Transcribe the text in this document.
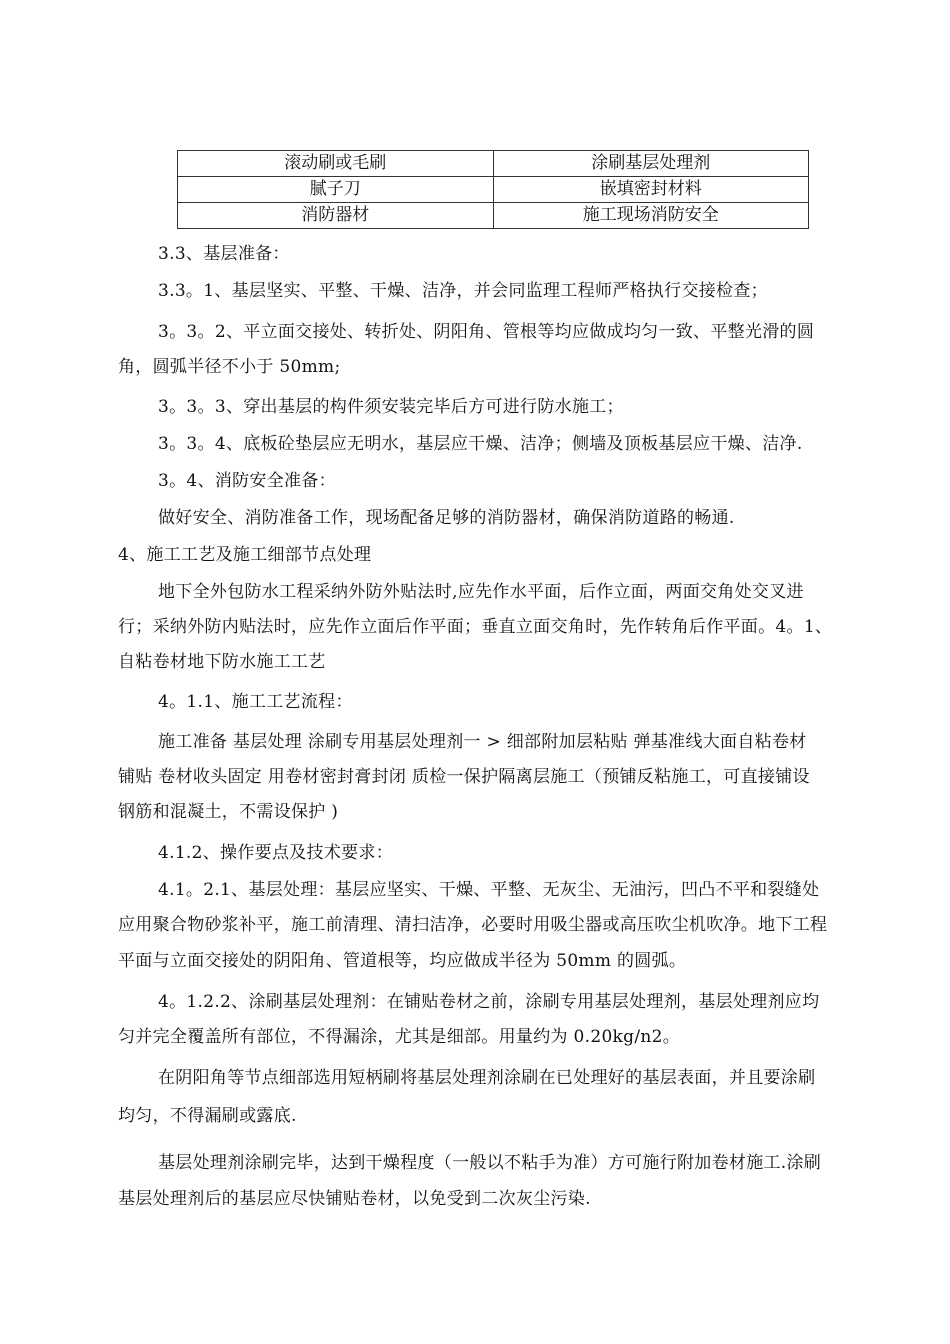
滚动刷或毛刷	涂刷基层处理剂
腻子刀	嵌填密封材料
消防器材	施工现场消防安全
3.3、基层准备：
3.3。1、基层坚实、平整、干燥、洁净，并会同监理工程师严格执行交接检查；
3。3。2、平立面交接处、转折处、阴阳角、管根等均应做成均匀一致、平整光滑的圆
角，圆弧半径不小于 50mm;
3。3。3、穿出基层的构件须安装完毕后方可进行防水施工；
3。3。4、底板砼垫层应无明水，基层应干燥、洁净；侧墙及顶板基层应干燥、洁净.
3。4、消防安全准备：
做好安全、消防准备工作，现场配备足够的消防器材，确保消防道路的畅通.
4、施工工艺及施工细部节点处理
地下全外包防水工程采纳外防外贴法时,应先作水平面，后作立面，两面交角处交叉进
行；采纳外防内贴法时，应先作立面后作平面；垂直立面交角时，先作转角后作平面。4。1、
自粘卷材地下防水施工工艺
4。1.1、施工工艺流程：
施工准备 基层处理 涂刷专用基层处理剂一 > 细部附加层粘贴 弹基准线大面自粘卷材
铺贴 卷材收头固定 用卷材密封膏封闭 质检一保护隔离层施工（预铺反粘施工，可直接铺设
钢筋和混凝土，不需设保护 )
4.1.2、操作要点及技术要求：
4.1。2.1、基层处理：基层应坚实、干燥、平整、无灰尘、无油污，凹凸不平和裂缝处
应用聚合物砂浆补平，施工前清理、清扫洁净，必要时用吸尘器或高压吹尘机吹净。地下工程
平面与立面交接处的阴阳角、管道根等，均应做成半径为 50mm 的圆弧。
4。1.2.2、涂刷基层处理剂：在铺贴卷材之前，涂刷专用基层处理剂，基层处理剂应均
匀并完全覆盖所有部位，不得漏涂，尤其是细部。用量约为 0.20kg/n2。
在阴阳角等节点细部选用短柄刷将基层处理剂涂刷在已处理好的基层表面，并且要涂刷
均匀，不得漏刷或露底.
基层处理剂涂刷完毕，达到干燥程度（一般以不粘手为准）方可施行附加卷材施工.涂刷
基层处理剂后的基层应尽快铺贴卷材，以免受到二次灰尘污染.
